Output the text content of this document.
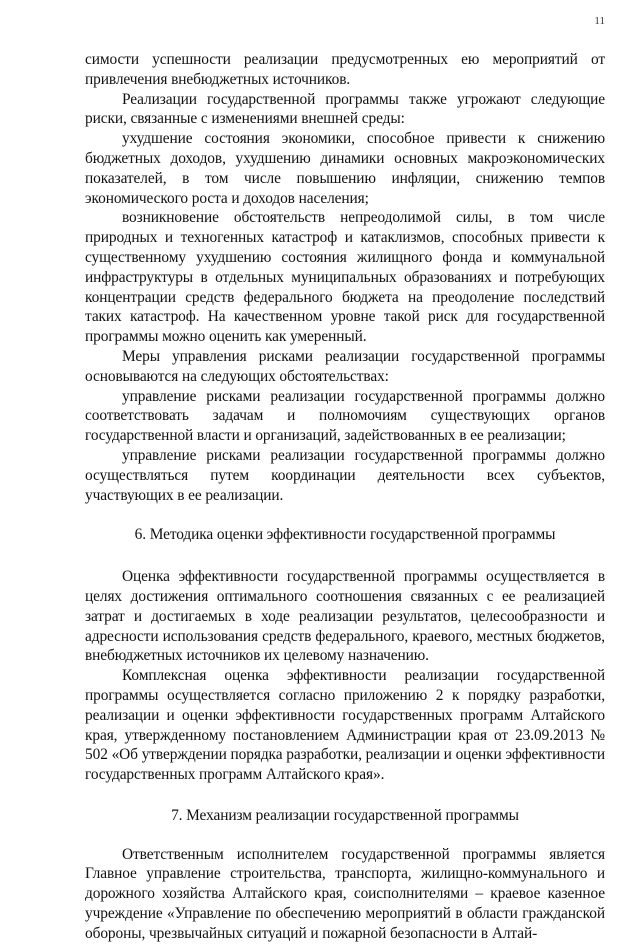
11

симости успешности реализации предусмотренных ею мероприятий от привлечения внебюджетных источников.

Реализации государственной программы также угрожают следующие риски, связанные с изменениями внешней среды:

ухудшение состояния экономики, способное привести к снижению бюджетных доходов, ухудшению динамики основных макроэкономических показателей, в том числе повышению инфляции, снижению темпов экономического роста и доходов населения;

возникновение обстоятельств непреодолимой силы, в том числе природных и техногенных катастроф и катаклизмов, способных привести к существенному ухудшению состояния жилищного фонда и коммунальной инфраструктуры в отдельных муниципальных образованиях и потребующих концентрации средств федерального бюджета на преодоление последствий таких катастроф. На качественном уровне такой риск для государственной программы можно оценить как умеренный.

Меры управления рисками реализации государственной программы основываются на следующих обстоятельствах:

управление рисками реализации государственной программы должно соответствовать задачам и полномочиям существующих органов государственной власти и организаций, задействованных в ее реализации;

управление рисками реализации государственной программы должно осуществляться путем координации деятельности всех субъектов, участвующих в ее реализации.

6. Методика оценки эффективности государственной программы

Оценка эффективности государственной программы осуществляется в целях достижения оптимального соотношения связанных с ее реализацией затрат и достигаемых в ходе реализации результатов, целесообразности и адресности использования средств федерального, краевого, местных бюджетов, внебюджетных источников их целевому назначению.

Комплексная оценка эффективности реализации государственной программы осуществляется согласно приложению 2 к порядку разработки, реализации и оценки эффективности государственных программ Алтайского края, утвержденному постановлением Администрации края от 23.09.2013 № 502 «Об утверждении порядка разработки, реализации и оценки эффективности государственных программ Алтайского края».

7. Механизм реализации государственной программы

Ответственным исполнителем государственной программы является Главное управление строительства, транспорта, жилищно-коммунального и дорожного хозяйства Алтайского края, соисполнителями – краевое казенное учреждение «Управление по обеспечению мероприятий в области гражданской обороны, чрезвычайных ситуаций и пожарной безопасности в Алтай-
